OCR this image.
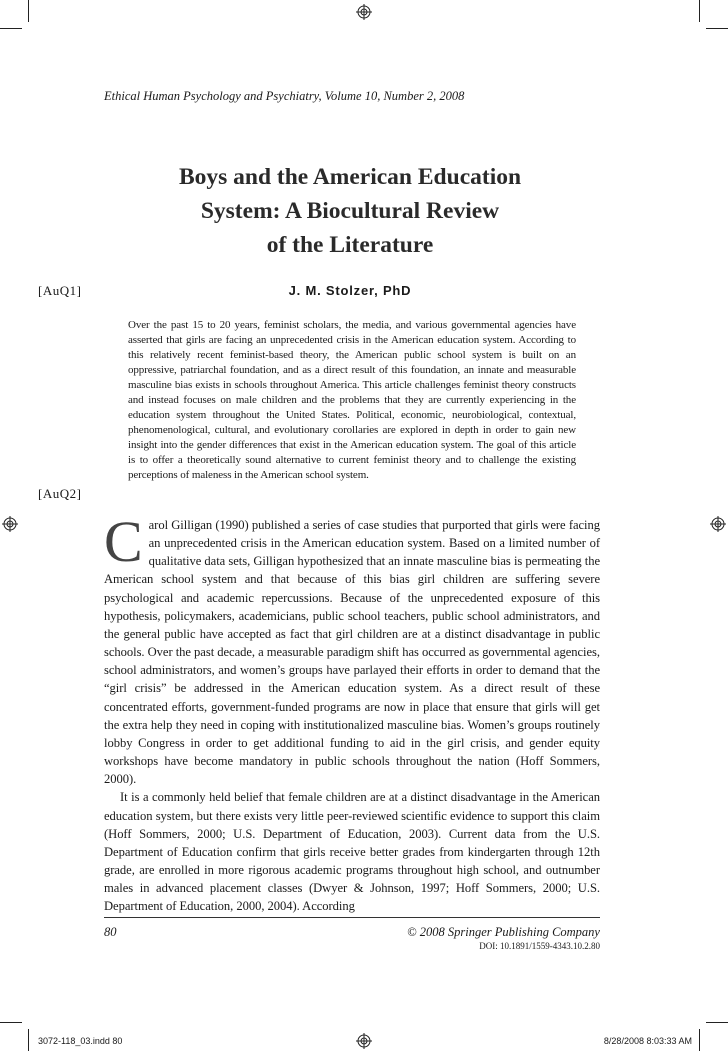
Ethical Human Psychology and Psychiatry, Volume 10, Number 2, 2008
Boys and the American Education
System: A Biocultural Review
of the Literature
[AuQ1]	J. M. Stolzer, PhD
Over the past 15 to 20 years, feminist scholars, the media, and various governmental agencies have asserted that girls are facing an unprecedented crisis in the American education system. According to this relatively recent feminist-based theory, the American public school system is built on an oppressive, patriarchal foundation, and as a direct result of this foundation, an innate and measurable masculine bias exists in schools throughout America. This article challenges feminist theory constructs and instead focuses on male children and the problems that they are currently experiencing in the education system throughout the United States. Political, economic, neurobiological, contextual, phenomenological, cultural, and evolutionary corollaries are explored in depth in order to gain new insight into the gender differences that exist in the American education system. The goal of this article is to offer a theoretically sound alternative to current feminist theory and to challenge the existing perceptions of maleness in the American school system.
[AuQ2]

Carol Gilligan (1990) published a series of case studies that purported that girls were facing an unprecedented crisis in the American education system. Based on a limited number of qualitative data sets, Gilligan hypothesized that an innate masculine bias is permeating the American school system and that because of this bias girl children are suffering severe psychological and academic repercussions. Because of the unprecedented exposure of this hypothesis, policymakers, academicians, public school teachers, public school administrators, and the general public have accepted as fact that girl children are at a distinct disadvantage in public schools. Over the past decade, a measurable paradigm shift has occurred as governmental agencies, school administrators, and women’s groups have parlayed their efforts in order to demand that the “girl crisis” be addressed in the American education system. As a direct result of these concentrated efforts, government-funded programs are now in place that ensure that girls will get the extra help they need in coping with institutionalized masculine bias. Women’s groups routinely lobby Congress in order to get additional funding to aid in the girl crisis, and gender equity workshops have become mandatory in public schools throughout the nation (Hoff Sommers, 2000).

It is a commonly held belief that female children are at a distinct disadvantage in the American education system, but there exists very little peer-reviewed scientific evidence to support this claim (Hoff Sommers, 2000; U.S. Department of Education, 2003). Current data from the U.S. Department of Education confirm that girls receive better grades from kindergarten through 12th grade, are enrolled in more rigorous academic programs throughout high school, and outnumber males in advanced placement classes (Dwyer & Johnson, 1997; Hoff Sommers, 2000; U.S. Department of Education, 2000, 2004). According

80	© 2008 Springer Publishing Company
DOI: 10.1891/1559-4343.10.2.80
3072-118_03.indd 80	8/28/2008 8:03:33 AM
